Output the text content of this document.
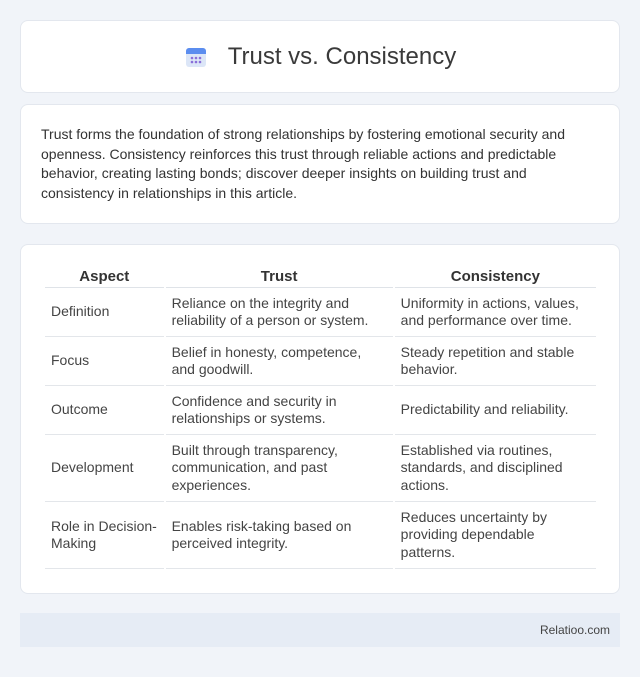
Trust vs. Consistency

Trust forms the foundation of strong relationships by fostering emotional security and openness. Consistency reinforces this trust through reliable actions and predictable behavior, creating lasting bonds; discover deeper insights on building trust and consistency in relationships in this article.

Aspect	Trust	Consistency
Definition	Reliance on the integrity and reliability of a person or system.	Uniformity in actions, values, and performance over time.
Focus	Belief in honesty, competence, and goodwill.	Steady repetition and stable behavior.
Outcome	Confidence and security in relationships or systems.	Predictability and reliability.
Development	Built through transparency, communication, and past experiences.	Established via routines, standards, and disciplined actions.
Role in Decision-Making	Enables risk-taking based on perceived integrity.	Reduces uncertainty by providing dependable patterns.
Relatioo.com
